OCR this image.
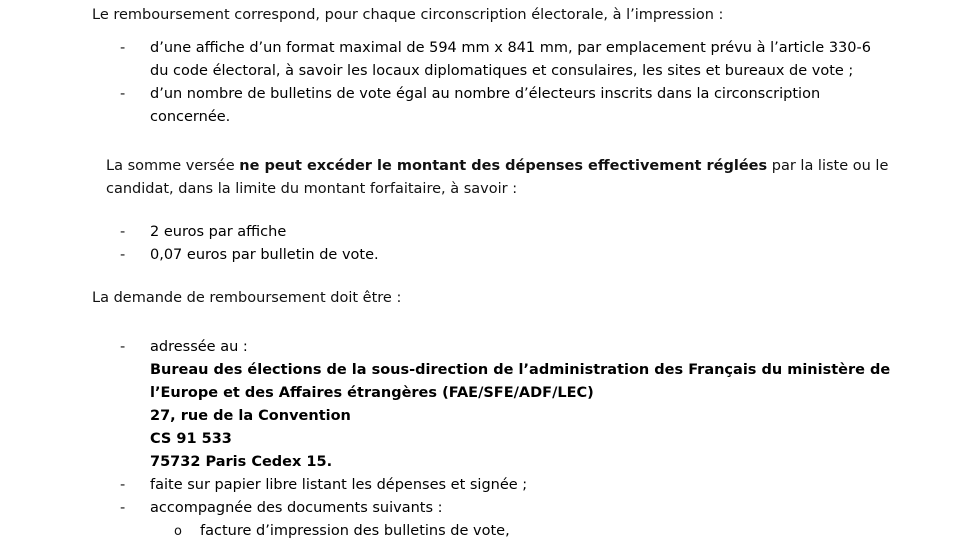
Le remboursement correspond, pour chaque circonscription électorale, à l’impression :

-	d’une affiche d’un format maximal de 594 mm x 841 mm, par emplacement prévu à l’article 330-6 du code électoral, à savoir les locaux diplomatiques et consulaires, les sites et bureaux de vote ;
-	d’un nombre de bulletins de vote égal au nombre d’électeurs inscrits dans la circonscription concernée.

La somme versée ne peut excéder le montant des dépenses effectivement réglées par la liste ou le candidat, dans la limite du montant forfaitaire, à savoir :

-	2 euros par affiche
-	0,07 euros par bulletin de vote.

La demande de remboursement doit être :

-	adressée au :
Bureau des élections de la sous-direction de l’administration des Français du ministère de l’Europe et des Affaires étrangères (FAE/SFE/ADF/LEC)
27, rue de la Convention
CS 91 533
75732 Paris Cedex 15.
-	faite sur papier libre listant les dépenses et signée ;
-	accompagnée des documents suivants :
o facture d’impression des bulletins de vote,
